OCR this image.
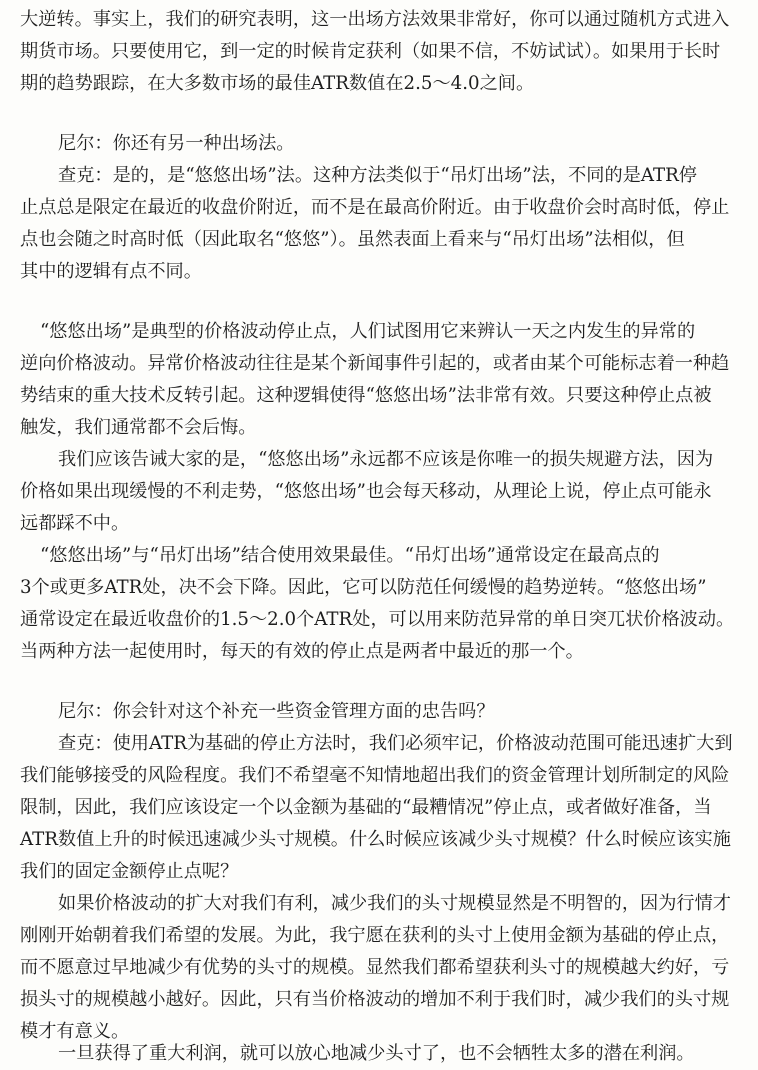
大逆转。事实上，我们的研究表明，这一出场方法效果非常好，你可以通过随机方式进入
期货市场。只要使用它，到一定的时候肯定获利（如果不信，不妨试试）。如果用于长时
期的趋势跟踪，在大多数市场的最佳ATR数值在2.5～4.0之间。
尼尔：你还有另一种出场法。
查克：是的，是“悠悠出场”法。这种方法类似于“吊灯出场”法，不同的是ATR停
止点总是限定在最近的收盘价附近，而不是在最高价附近。由于收盘价会时高时低，停止
点也会随之时高时低（因此取名“悠悠”）。虽然表面上看来与“吊灯出场”法相似，但
其中的逻辑有点不同。
“悠悠出场”是典型的价格波动停止点，人们试图用它来辨认一天之内发生的异常的
逆向价格波动。异常价格波动往往是某个新闻事件引起的，或者由某个可能标志着一种趋
势结束的重大技术反转引起。这种逻辑使得“悠悠出场”法非常有效。只要这种停止点被
触发，我们通常都不会后悔。
我们应该告诫大家的是，“悠悠出场”永远都不应该是你唯一的损失规避方法，因为
价格如果出现缓慢的不利走势，“悠悠出场”也会每天移动，从理论上说，停止点可能永
远都踩不中。
“悠悠出场”与“吊灯出场”结合使用效果最佳。“吊灯出场”通常设定在最高点的
3个或更多ATR处，决不会下降。因此，它可以防范任何缓慢的趋势逆转。“悠悠出场”
通常设定在最近收盘价的1.5～2.0个ATR处，可以用来防范异常的单日突兀状价格波动。
当两种方法一起使用时，每天的有效的停止点是两者中最近的那一个。
尼尔：你会针对这个补充一些资金管理方面的忠告吗？
查克：使用ATR为基础的停止方法时，我们必须牢记，价格波动范围可能迅速扩大到
我们能够接受的风险程度。我们不希望毫不知情地超出我们的资金管理计划所制定的风险
限制，因此，我们应该设定一个以金额为基础的“最糟情况”停止点，或者做好准备，当
ATR数值上升的时候迅速减少头寸规模。什么时候应该减少头寸规模？什么时候应该实施
我们的固定金额停止点呢？
如果价格波动的扩大对我们有利，减少我们的头寸规模显然是不明智的，因为行情才
刚刚开始朝着我们希望的发展。为此，我宁愿在获利的头寸上使用金额为基础的停止点，
而不愿意过早地减少有优势的头寸的规模。显然我们都希望获利头寸的规模越大约好，亏
损头寸的规模越小越好。因此，只有当价格波动的增加不利于我们时，减少我们的头寸规
模才有意义。
一旦获得了重大利润，就可以放心地减少头寸了，也不会牺牲太多的潜在利润。
